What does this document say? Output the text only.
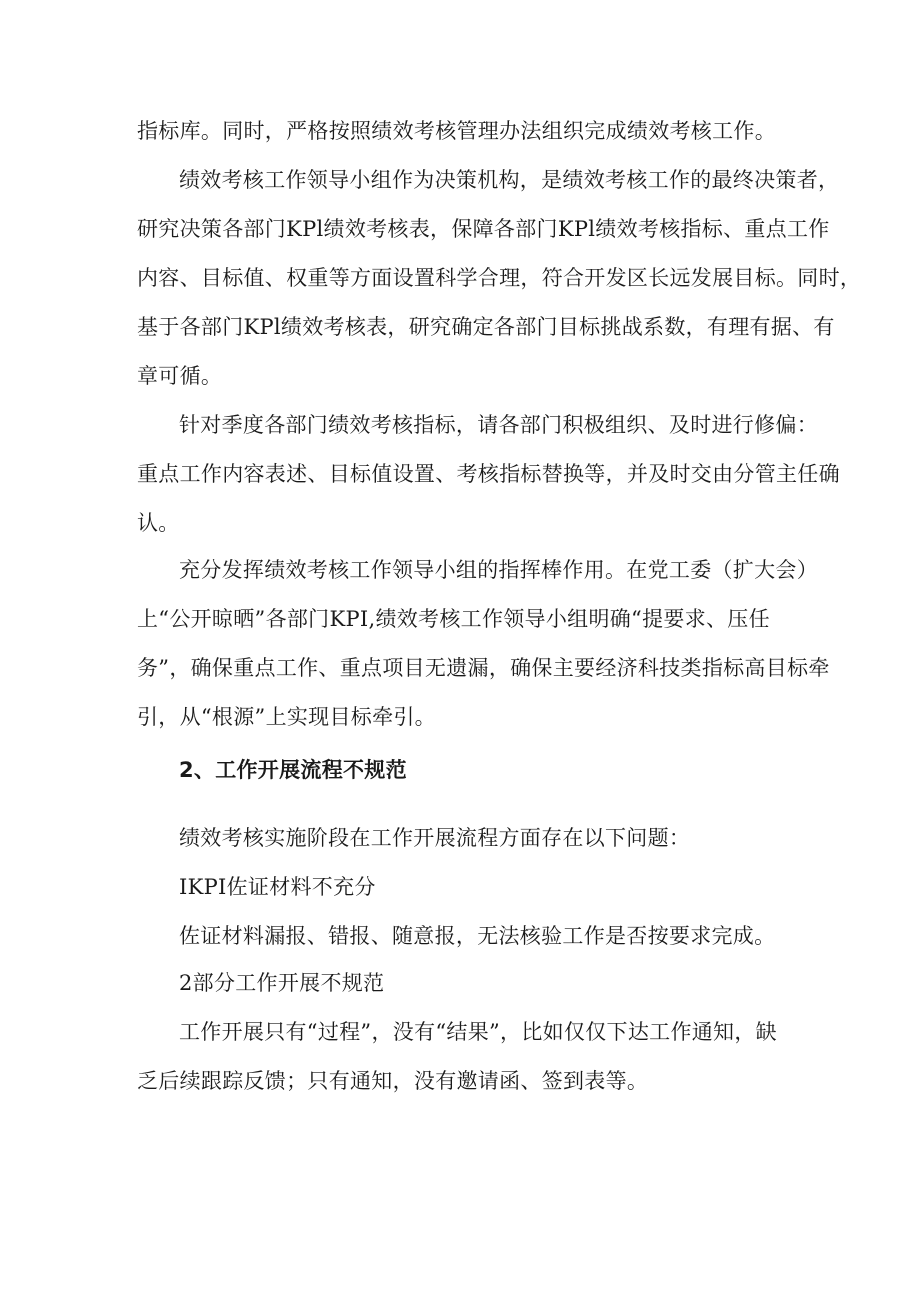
指标库。同时，严格按照绩效考核管理办法组织完成绩效考核工作。
绩效考核工作领导小组作为决策机构，是绩效考核工作的最终决策者，
研究决策各部门KPl绩效考核表，保障各部门KPl绩效考核指标、重点工作
内容、目标值、权重等方面设置科学合理，符合开发区长远发展目标。同时，
基于各部门KPl绩效考核表，研究确定各部门目标挑战系数，有理有据、有
章可循。
针对季度各部门绩效考核指标，请各部门积极组织、及时进行修偏：
重点工作内容表述、目标值设置、考核指标替换等，并及时交由分管主任确
认。
充分发挥绩效考核工作领导小组的指挥棒作用。在党工委（扩大会）
上“公开晾晒”各部门KPI,绩效考核工作领导小组明确“提要求、压任
务”，确保重点工作、重点项目无遗漏，确保主要经济科技类指标高目标牵
引，从“根源”上实现目标牵引。
2、工作开展流程不规范
绩效考核实施阶段在工作开展流程方面存在以下问题：
IKPI佐证材料不充分
佐证材料漏报、错报、随意报，无法核验工作是否按要求完成。
2部分工作开展不规范
工作开展只有“过程”，没有“结果”，比如仅仅下达工作通知，缺
乏后续跟踪反馈；只有通知，没有邀请函、签到表等。
